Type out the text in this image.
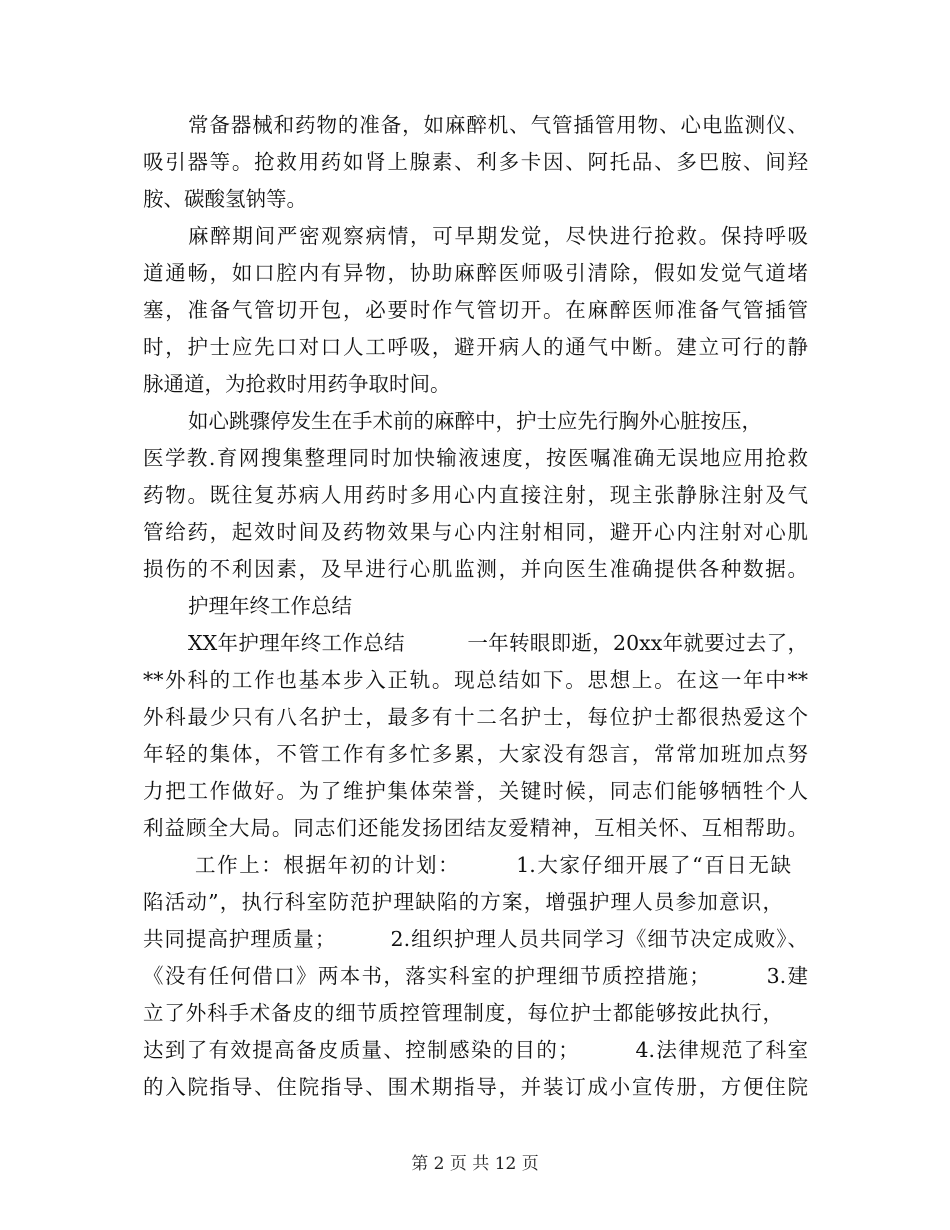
常备器械和药物的准备，如麻醉机、气管插管用物、心电监测仪、
吸引器等。抢救用药如肾上腺素、利多卡因、阿托品、多巴胺、间羟
胺、碳酸氢钠等。
麻醉期间严密观察病情，可早期发觉，尽快进行抢救。保持呼吸
道通畅，如口腔内有异物，协助麻醉医师吸引清除，假如发觉气道堵
塞，准备气管切开包，必要时作气管切开。在麻醉医师准备气管插管
时，护士应先口对口人工呼吸，避开病人的通气中断。建立可行的静
脉通道，为抢救时用药争取时间。
如心跳骤停发生在手术前的麻醉中，护士应先行胸外心脏按压，
医学教.育网搜集整理同时加快输液速度，按医嘱准确无误地应用抢救
药物。既往复苏病人用药时多用心内直接注射，现主张静脉注射及气
管给药，起效时间及药物效果与心内注射相同，避开心内注射对心肌
损伤的不利因素，及早进行心肌监测，并向医生准确提供各种数据。
护理年终工作总结
XX年护理年终工作总结　　　一年转眼即逝，20xx年就要过去了，
**外科的工作也基本步入正轨。现总结如下。思想上。在这一年中**
外科最少只有八名护士，最多有十二名护士，每位护士都很热爱这个
年轻的集体，不管工作有多忙多累，大家没有怨言，常常加班加点努
力把工作做好。为了维护集体荣誉，关键时候，同志们能够牺牲个人
利益顾全大局。同志们还能发扬团结友爱精神，互相关怀、互相帮助。
工作上：根据年初的计划：　　　1.大家仔细开展了“百日无缺
陷活动”，执行科室防范护理缺陷的方案，增强护理人员参加意识，
共同提高护理质量；　　　2.组织护理人员共同学习《细节决定成败》、
《没有任何借口》两本书，落实科室的护理细节质控措施；　　　3.建
立了外科手术备皮的细节质控管理制度，每位护士都能够按此执行，
达到了有效提高备皮质量、控制感染的目的；　　　4.法律规范了科室
的入院指导、住院指导、围术期指导，并装订成小宣传册，方便住院
第 2 页 共 12 页
